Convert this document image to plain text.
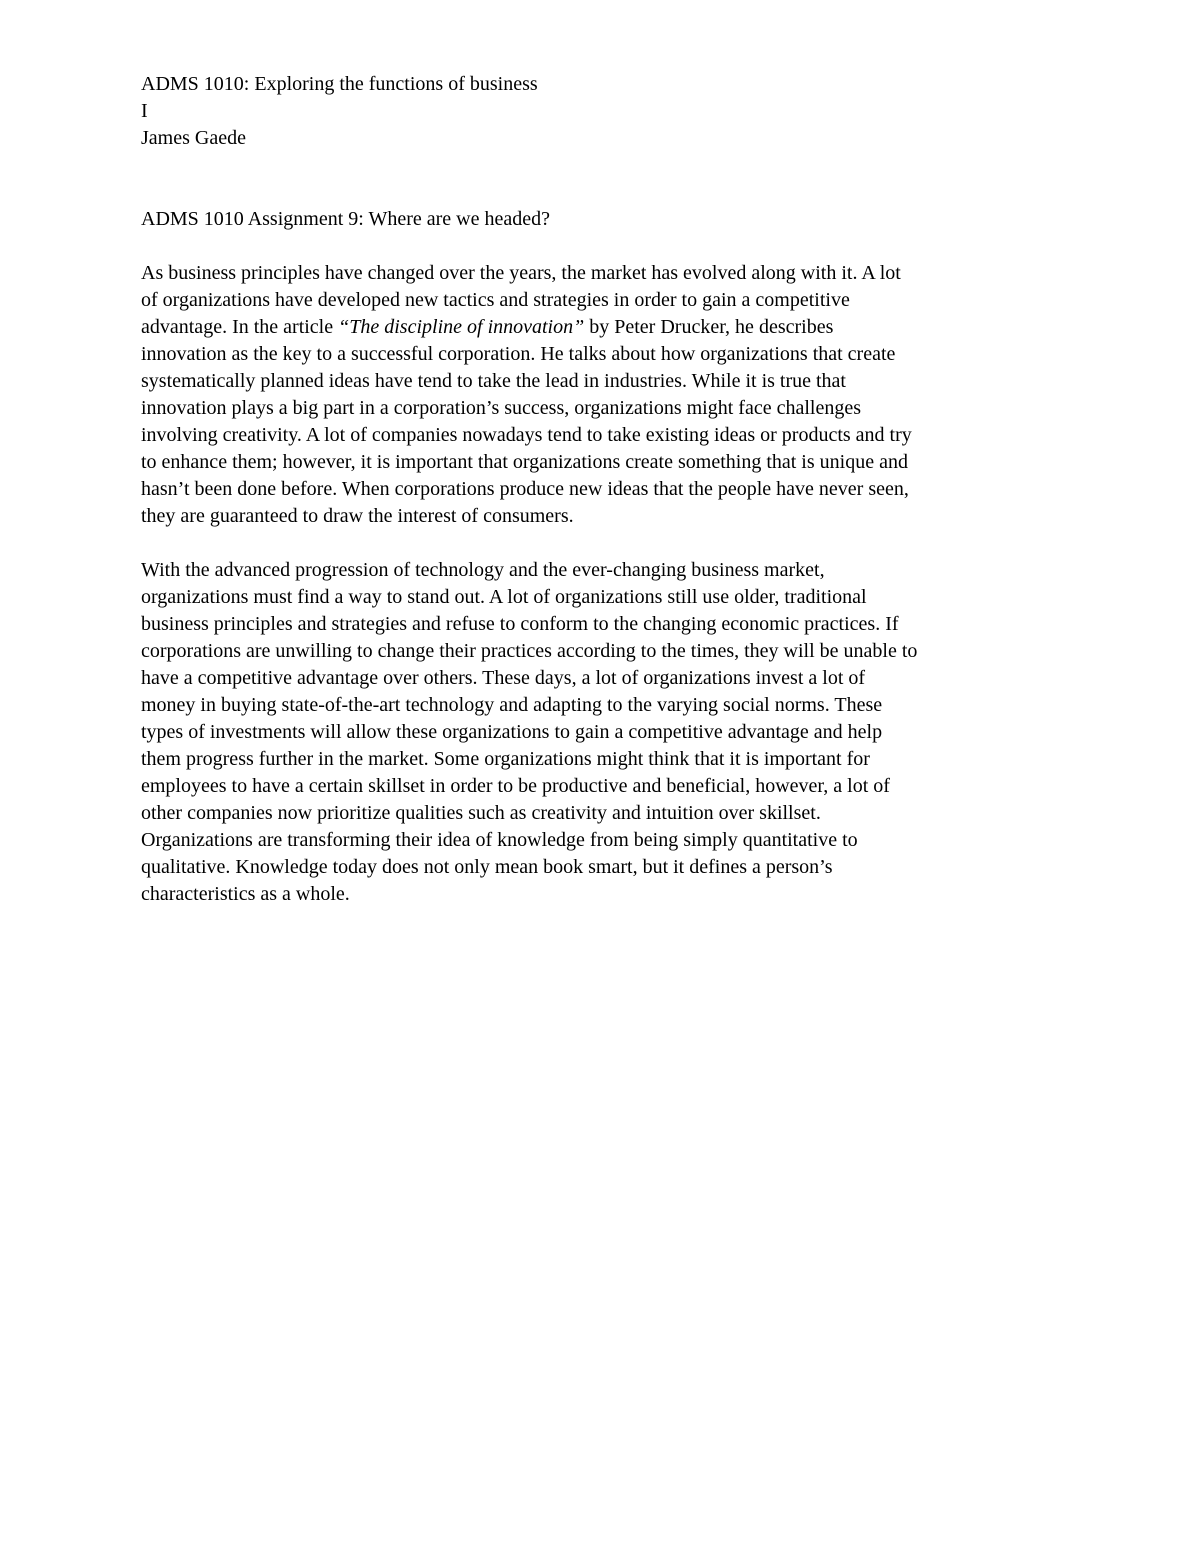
ADMS 1010: Exploring the functions of business

I

James Gaede

ADMS 1010 Assignment 9: Where are we headed?

As business principles have changed over the years, the market has evolved along with it. A lot
of organizations have developed new tactics and strategies in order to gain a competitive
advantage. In the article “The discipline of innovation” by Peter Drucker, he describes
innovation as the key to a successful corporation. He talks about how organizations that create
systematically planned ideas have tend to take the lead in industries. While it is true that
innovation plays a big part in a corporation’s success, organizations might face challenges
involving creativity. A lot of companies nowadays tend to take existing ideas or products and try
to enhance them; however, it is important that organizations create something that is unique and
hasn’t been done before. When corporations produce new ideas that the people have never seen,
they are guaranteed to draw the interest of consumers.
With the advanced progression of technology and the ever-changing business market,
organizations must find a way to stand out. A lot of organizations still use older, traditional
business principles and strategies and refuse to conform to the changing economic practices. If
corporations are unwilling to change their practices according to the times, they will be unable to
have a competitive advantage over others. These days, a lot of organizations invest a lot of
money in buying state-of-the-art technology and adapting to the varying social norms. These
types of investments will allow these organizations to gain a competitive advantage and help
them progress further in the market. Some organizations might think that it is important for
employees to have a certain skillset in order to be productive and beneficial, however, a lot of
other companies now prioritize qualities such as creativity and intuition over skillset.
Organizations are transforming their idea of knowledge from being simply quantitative to
qualitative. Knowledge today does not only mean book smart, but it defines a person’s
characteristics as a whole.
